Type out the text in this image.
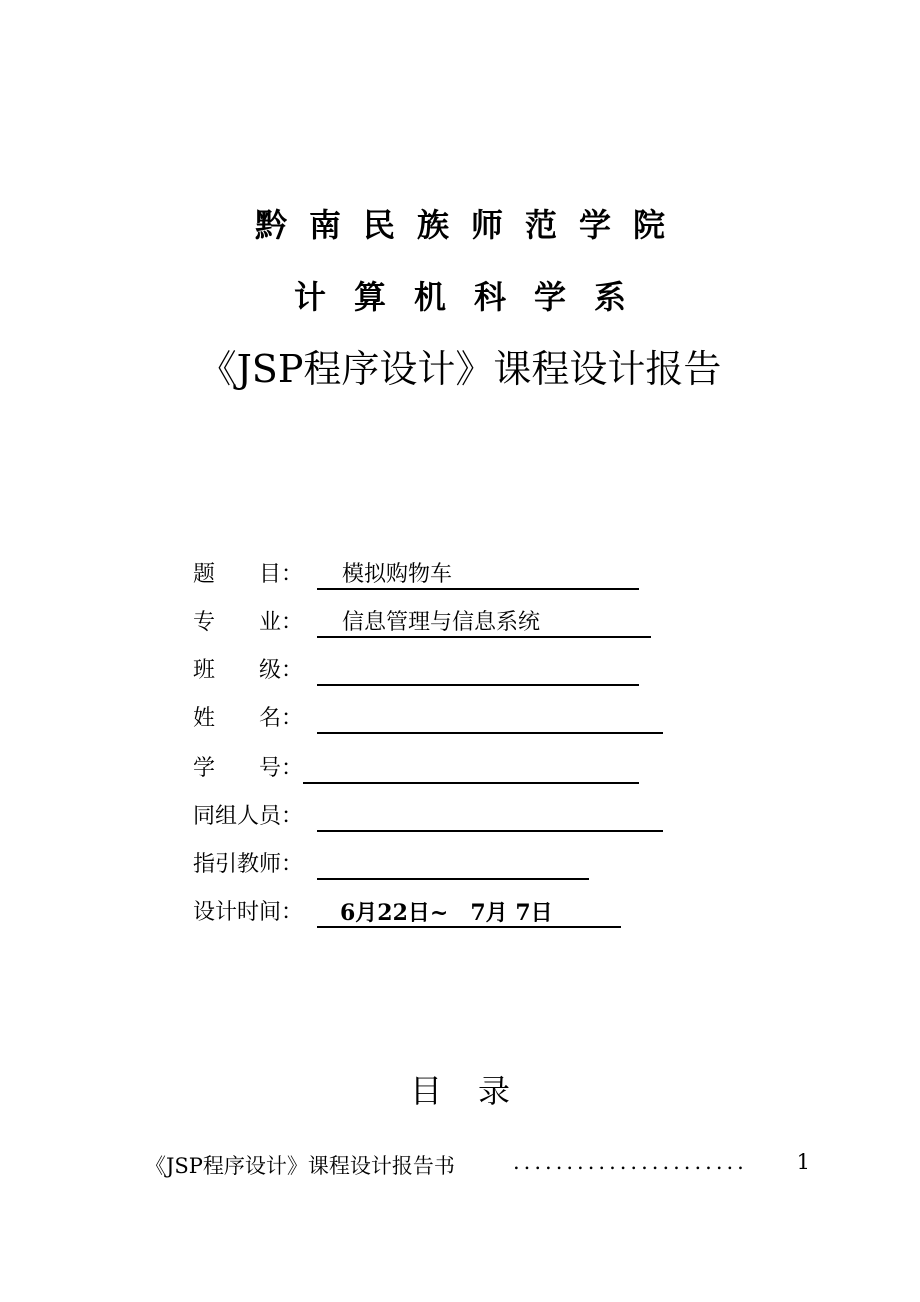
黔南民族师范学院
计算机科学系
《JSP程序设计》课程设计报告
题　　目： 模拟购物车
专　　业： 信息管理与信息系统
班　　级：
姓　　名：
学　　号：
同组人员：
指引教师：
设计时间： 6月22日~　7月 7日
目录
《JSP程序设计》课程设计报告书	...................... 1
